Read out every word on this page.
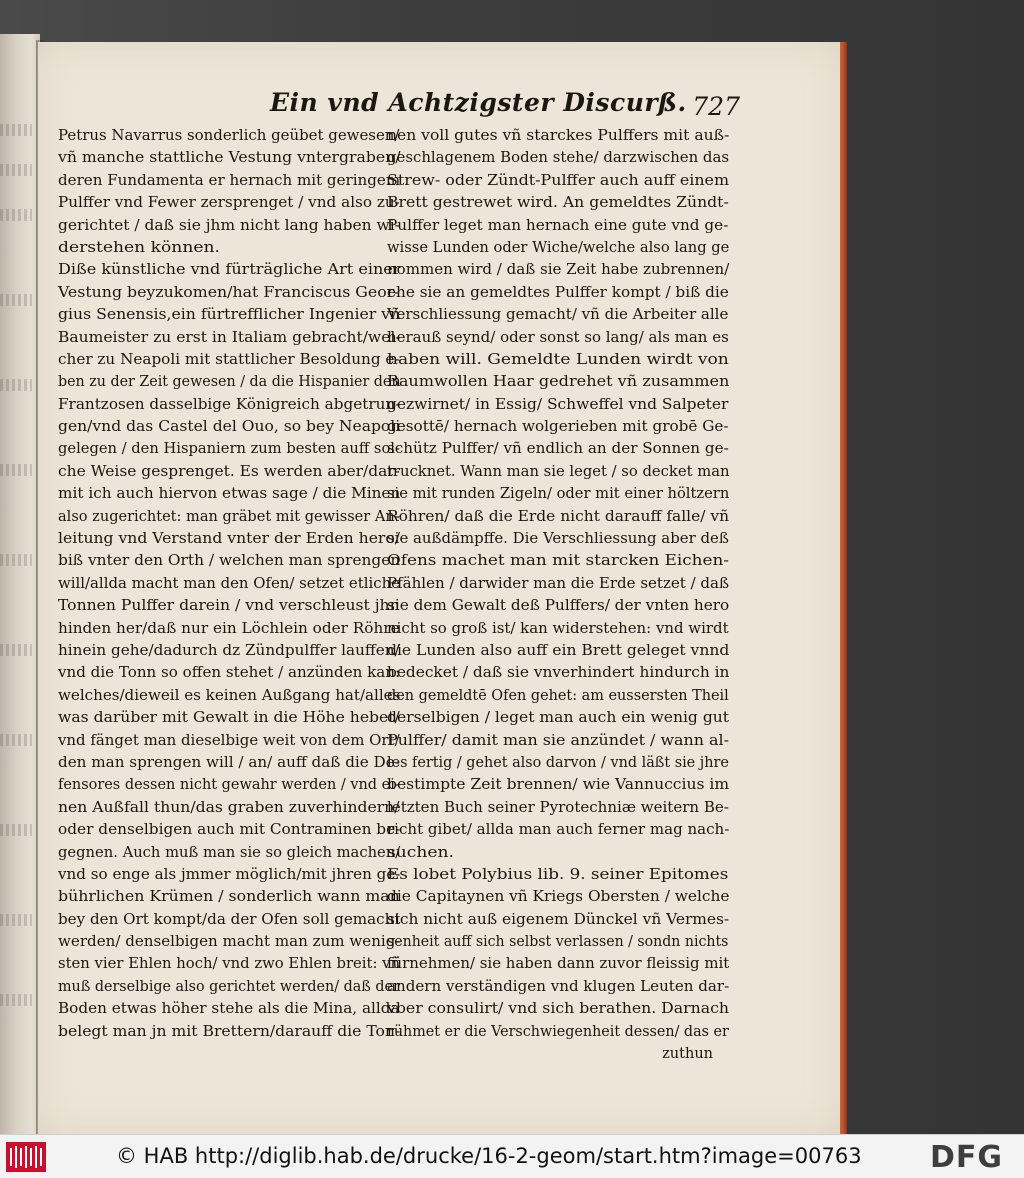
Ein vnd Achtzigster Discurß. 727
Petrus Navarrus sonderlich geübet gewesen/
vñ manche stattliche Vestung vntergraben/
deren Fundamenta er hernach mit geringem
Pulffer vnd Fewer zersprenget / vnd also zu-
gerichtet / daß sie jhm nicht lang haben wi-
derstehen können.
Diße künstliche vnd fürträgliche Art einer
Vestung beyzukomen/hat Franciscus Geor-
gius Senensis,ein fürtrefflicher Ingenier vñ
Baumeister zu erst in Italiam gebracht/wel-
cher zu Neapoli mit stattlicher Besoldung e-
ben zu der Zeit gewesen / da die Hispanier den
Frantzosen dasselbige Königreich abgetrun-
gen/vnd das Castel del Ouo, so bey Neapoli
gelegen / den Hispaniern zum besten auff sol-
che Weise gesprenget. Es werden aber/dar-
mit ich auch hiervon etwas sage / die Minen
also zugerichtet: man gräbet mit gewisser An-
leitung vnd Verstand vnter der Erden hero/
biß vnter den Orth / welchen man sprengen
will/allda macht man den Ofen/ setzet etliche
Tonnen Pulffer darein / vnd verschleust jhn
hinden her/daß nur ein Löchlein oder Röhre
hinein gehe/dadurch dz Zündpulffer lauffen/
vnd die Tonn so offen stehet / anzünden kan:
welches/dieweil es keinen Außgang hat/alles
was darüber mit Gewalt in die Höhe hebet/
vnd fänget man dieselbige weit von dem Ort/
den man sprengen will / an/ auff daß die De-
fensores dessen nicht gewahr werden / vnd ei-
nen Außfall thun/das graben zuverhindern/
oder denselbigen auch mit Contraminen be-
gegnen. Auch muß man sie so gleich machen/
vnd so enge als jmmer möglich/mit jhren ge-
bührlichen Krümen / sonderlich wann man
bey den Ort kompt/da der Ofen soll gemacht
werden/ denselbigen macht man zum wenig-
sten vier Ehlen hoch/ vnd zwo Ehlen breit: vñ
muß derselbige also gerichtet werden/ daß der
Boden etwas höher stehe als die Mina, allda
belegt man jn mit Brettern/darauff die Ton-
nen voll gutes vñ starckes Pulffers mit auß-
geschlagenem Boden stehe/ darzwischen das
Strew- oder Zündt-Pulffer auch auff einem
Brett gestrewet wird. An gemeldtes Zündt-
Pulffer leget man hernach eine gute vnd ge-
wisse Lunden oder Wiche/welche also lang ge
nommen wird / daß sie Zeit habe zubrennen/
ehe sie an gemeldtes Pulffer kompt / biß die
Verschliessung gemacht/ vñ die Arbeiter alle
herauß seynd/ oder sonst so lang/ als man es
haben will. Gemeldte Lunden wirdt von
Baumwollen Haar gedrehet vñ zusammen
gezwirnet/ in Essig/ Schweffel vnd Salpeter
gesottē/ hernach wolgerieben mit grobē Ge-
schütz Pulffer/ vñ endlich an der Sonnen ge-
trucknet. Wann man sie leget / so decket man
sie mit runden Zigeln/ oder mit einer höltzern
Röhren/ daß die Erde nicht darauff falle/ vñ
sie außdämpffe. Die Verschliessung aber deß
Ofens machet man mit starcken Eichen-
Pfählen / darwider man die Erde setzet / daß
sie dem Gewalt deß Pulffers/ der vnten hero
nicht so groß ist/ kan widerstehen: vnd wirdt
die Lunden also auff ein Brett geleget vnnd
bedecket / daß sie vnverhindert hindurch in
den gemeldtē Ofen gehet: am eussersten Theil
derselbigen / leget man auch ein wenig gut
Pulffer/ damit man sie anzündet / wann al-
les fertig / gehet also darvon / vnd läßt sie jhre
bestimpte Zeit brennen/ wie Vannuccius im
letzten Buch seiner Pyrotechniæ weitern Be-
richt gibet/ allda man auch ferner mag nach-
suchen.
Es lobet Polybius lib. 9. seiner Epitomes
die Capitaynen vñ Kriegs Obersten / welche
sich nicht auß eigenem Dünckel vñ Vermes-
senheit auff sich selbst verlassen / sondn nichts
fürnehmen/ sie haben dann zuvor fleissig mit
andern verständigen vnd klugen Leuten dar-
vber consulirt/ vnd sich berathen. Darnach
rühmet er die Verschwiegenheit dessen/ das er
zuthun
© HAB http://diglib.hab.de/drucke/16-2-geom/start.htm?image=00763 DFG
